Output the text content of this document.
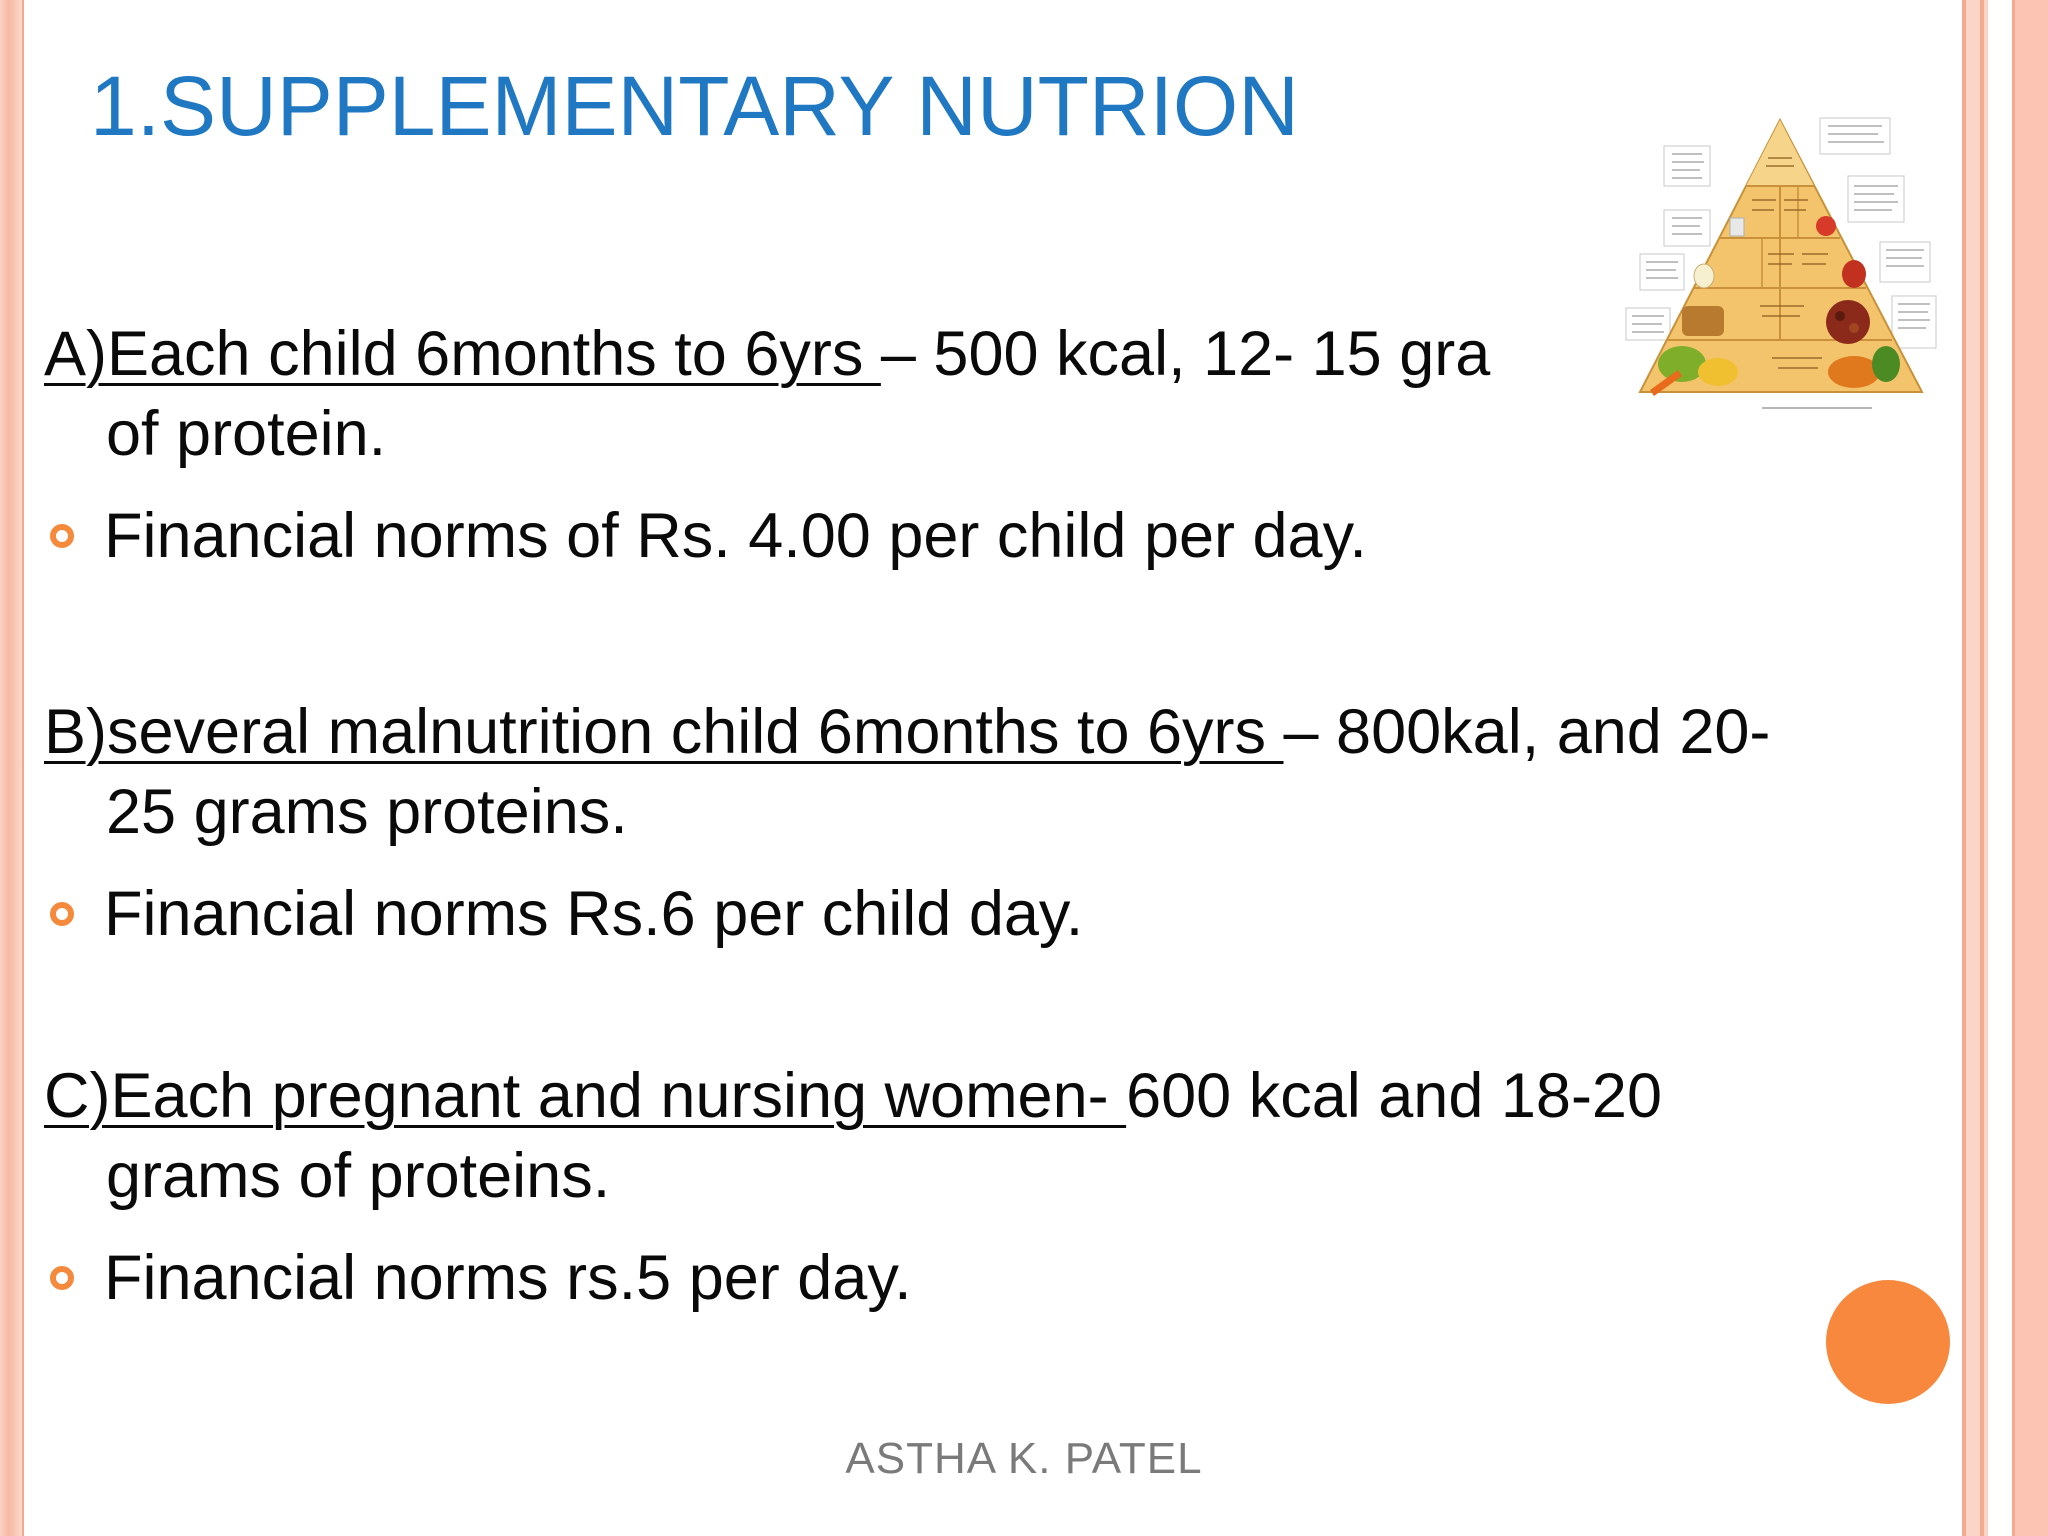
1.SUPPLEMENTARY NUTRION
A)Each child 6months to 6yrs – 500 kcal, 12- 15 gra
of protein.
Financial norms of Rs. 4.00 per child per day.
B)several malnutrition child 6months to 6yrs – 800kal, and 20-
25 grams proteins.
Financial norms Rs.6 per child day.
C)Each pregnant and nursing women- 600 kcal and 18-20
grams of proteins.
Financial norms rs.5 per day.
ASTHA K. PATEL
